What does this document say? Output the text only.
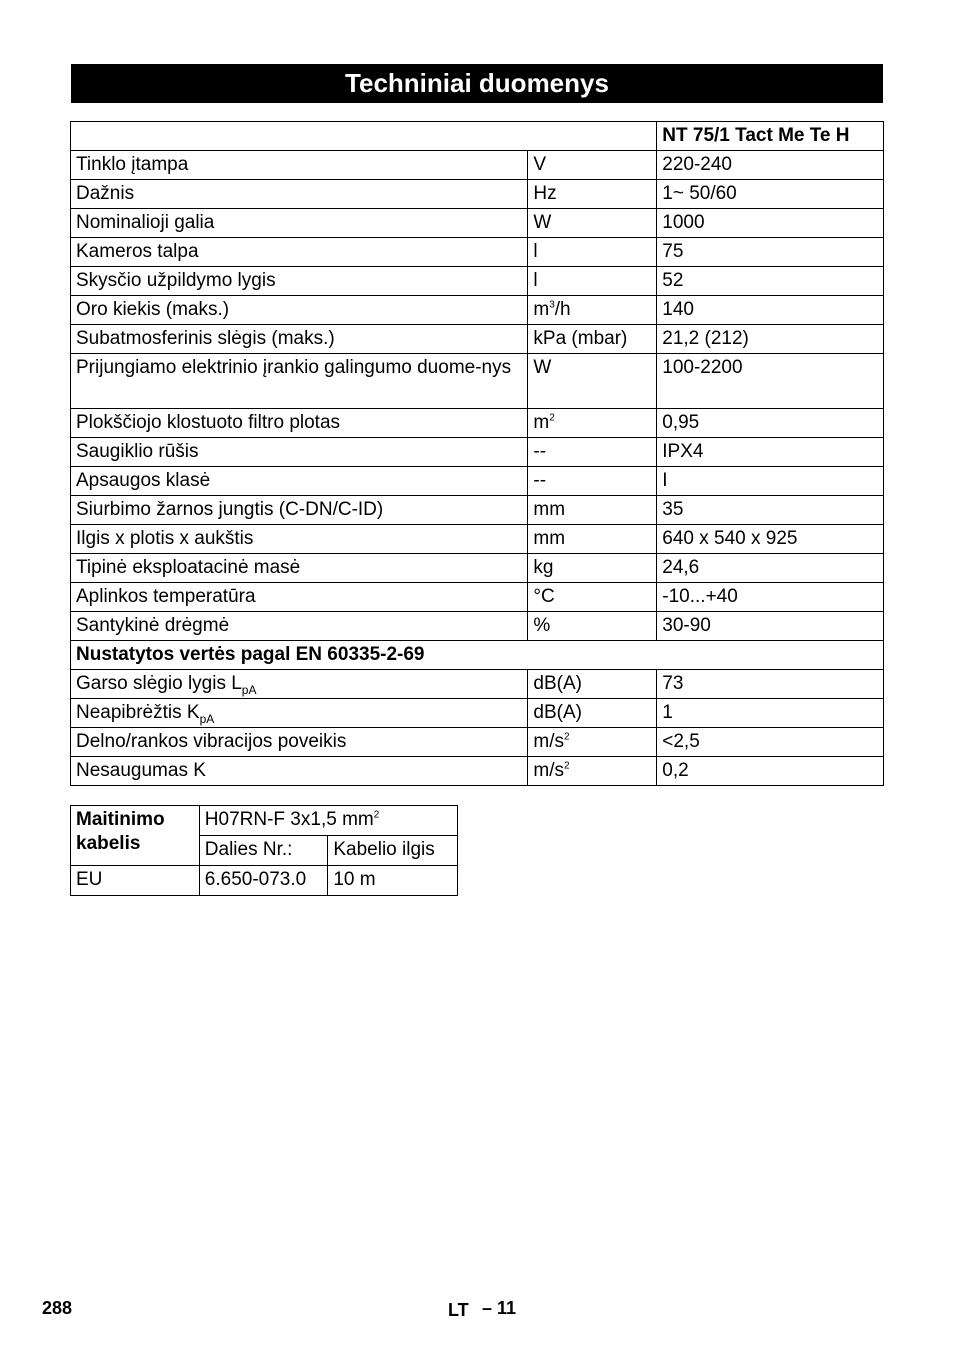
Techniniai duomenys
		NT 75/1 Tact Me Te H
Tinklo įtampa	V	220-240
Dažnis	Hz	1~ 50/60
Nominalioji galia	W	1000
Kameros talpa	l	75
Skysčio užpildymo lygis	l	52
Oro kiekis (maks.)	$m^3/h$	140
Subatmosferinis slėgis (maks.)	kPa (mbar)	21,2 (212)
Prijungiamo elektrinio įrankio galingumo duome-nys	W	100-2200
Plokščiojo klostuoto filtro plotas	$m^2$	0,95
Saugiklio rūšis	--	IPX4
Apsaugos klasė	--	I
Siurbimo žarnos jungtis (C-DN/C-ID)	mm	35
Ilgis x plotis x aukštis	mm	640 x 540 x 925
Tipinė eksploatacinė masė	kg	24,6
Aplinkos temperatūra	°C	-10...+40
Santykinė drėgmė	%	30-90
Nustatytos vertės pagal EN 60335-2-69		
Garso slėgio lygis $L_{pA}$	dB(A)	73
Neapibrėžtis $K_{pA}$	dB(A)	1
Delno/rankos vibracijos poveikis	$m/s^2$	<2,5
Nesaugumas K	$m/s^2$	0,2
Maitinimo kabelis	H07RN-F 3x1,5 $mm^2$
	Dalies Nr.:	Kabelio ilgis
EU	6.650-073.0	10 m
288	LT – 11
